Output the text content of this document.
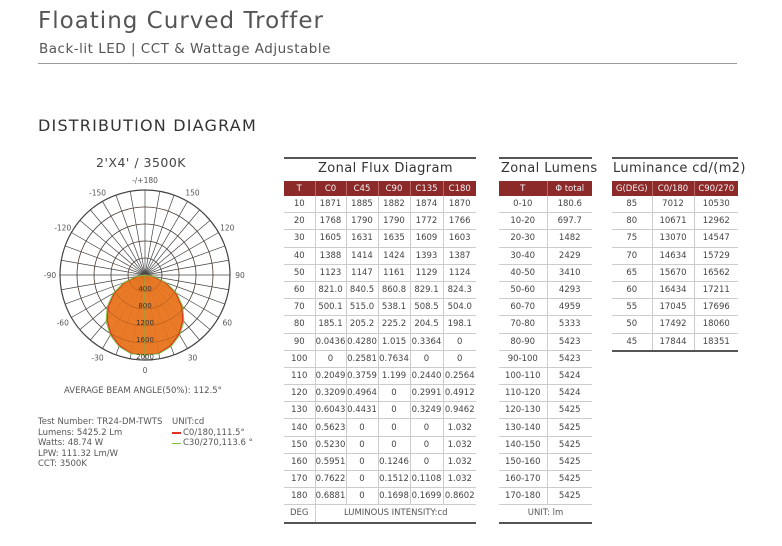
Floating Curved Troffer
Back-lit LED | CCT & Wattage Adjustable
DISTRIBUTION DIAGRAM
2'X4' / 3500K
400
800
1200
1600
2000
-/+180
-150	150
-120	120
-90	90
-60	60
-30	30
0
AVERAGE BEAM ANGLE(50%): 112.5°
Test Number: TR24-DM-TWTS
Lumens: 5425.2 Lm
Watts: 48.74 W
LPW: 111.32 Lm/W
CCT: 3500K
UNIT:cd
C0/180,111.5°
C30/270,113.6 °
Zonal Flux Diagram
T	C0	C45	C90	C135	C180
10	1871	1885	1882	1874	1870
20	1768	1790	1790	1772	1766
30	1605	1631	1635	1609	1603
40	1388	1414	1424	1393	1387
50	1123	1147	1161	1129	1124
60	821.0	840.5	860.8	829.1	824.3
70	500.1	515.0	538.1	508.5	504.0
80	185.1	205.2	225.2	204.5	198.1
90	0.0436	0.4280	1.015	0.3364	0
100	0	0.2581	0.7634	0	0
110	0.2049	0.3759	1.199	0.2440	0.2564
120	0.3209	0.4964	0	0.2991	0.4912
130	0.6043	0.4431	0	0.3249	0.9462
140	0.5623	0	0	0	1.032
150	0.5230	0	0	0	1.032
160	0.5951	0	0.1246	0	1.032
170	0.7622	0	0.1512	0.1108	1.032
180	0.6881	0	0.1698	0.1699	0.8602
DEG	LUMINOUS INTENSITY:cd				
Zonal Lumens
T	Φ total
0-10	180.6
10-20	697.7
20-30	1482
30-40	2429
40-50	3410
50-60	4293
60-70	4959
70-80	5333
80-90	5423
90-100	5423
100-110	5424
110-120	5424
120-130	5425
130-140	5425
140-150	5425
150-160	5425
160-170	5425
170-180	5425
UNIT: lm	
Luminance cd/(m2)
G(DEG)	C0/180	C90/270
85	7012	10530
80	10671	12962
75	13070	14547
70	14634	15729
65	15670	16562
60	16434	17211
55	17045	17696
50	17492	18060
45	17844	18351
